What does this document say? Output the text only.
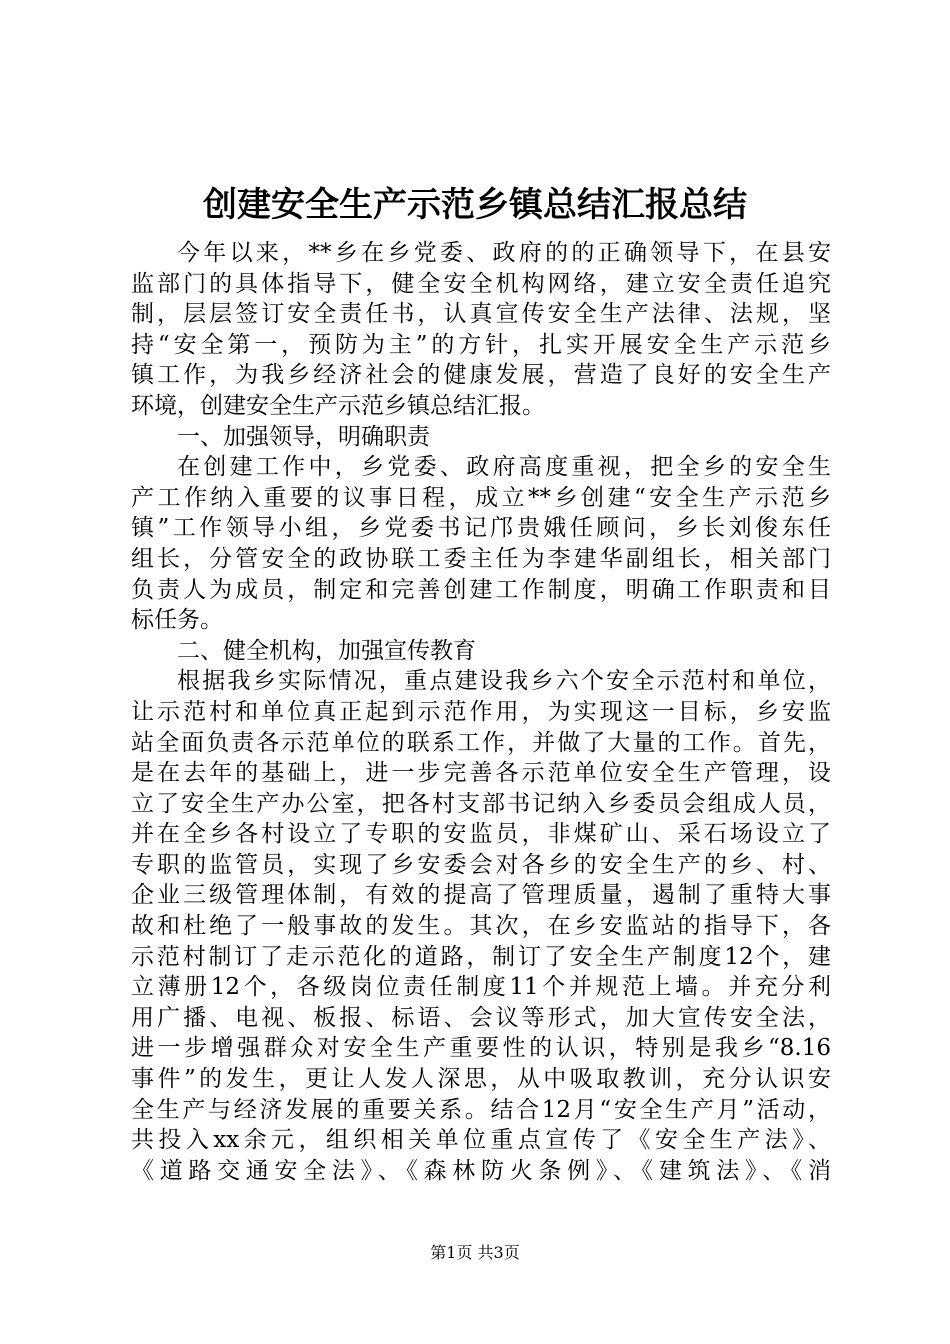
创建安全生产示范乡镇总结汇报总结
今年以来，**乡在乡党委、政府的的正确领导下，在县安
监部门的具体指导下，健全安全机构网络，建立安全责任追究
制，层层签订安全责任书，认真宣传安全生产法律、法规，坚
持“安全第一，预防为主”的方针，扎实开展安全生产示范乡
镇工作，为我乡经济社会的健康发展，营造了良好的安全生产
环境，创建安全生产示范乡镇总结汇报。
一、加强领导，明确职责
在创建工作中，乡党委、政府高度重视，把全乡的安全生
产工作纳入重要的议事日程，成立**乡创建“安全生产示范乡
镇”工作领导小组，乡党委书记邝贵娥任顾问，乡长刘俊东任
组长，分管安全的政协联工委主任为李建华副组长，相关部门
负责人为成员，制定和完善创建工作制度，明确工作职责和目
标任务。
二、健全机构，加强宣传教育
根据我乡实际情况，重点建设我乡六个安全示范村和单位，
让示范村和单位真正起到示范作用，为实现这一目标，乡安监
站全面负责各示范单位的联系工作，并做了大量的工作。首先，
是在去年的基础上，进一步完善各示范单位安全生产管理，设
立了安全生产办公室，把各村支部书记纳入乡委员会组成人员，
并在全乡各村设立了专职的安监员，非煤矿山、采石场设立了
专职的监管员，实现了乡安委会对各乡的安全生产的乡、村、
企业三级管理体制，有效的提高了管理质量，遏制了重特大事
故和杜绝了一般事故的发生。其次，在乡安监站的指导下，各
示范村制订了走示范化的道路，制订了安全生产制度12个，建
立薄册12个，各级岗位责任制度11个并规范上墙。并充分利
用广播、电视、板报、标语、会议等形式，加大宣传安全法，
进一步增强群众对安全生产重要性的认识，特别是我乡“8.16
事件”的发生，更让人发人深思，从中吸取教训，充分认识安
全生产与经济发展的重要关系。结合12月“安全生产月”活动，
共投入xx余元，组织相关单位重点宣传了《安全生产法》、
《道路交通安全法》、《森林防火条例》、《建筑法》、《消
第1页 共3页
